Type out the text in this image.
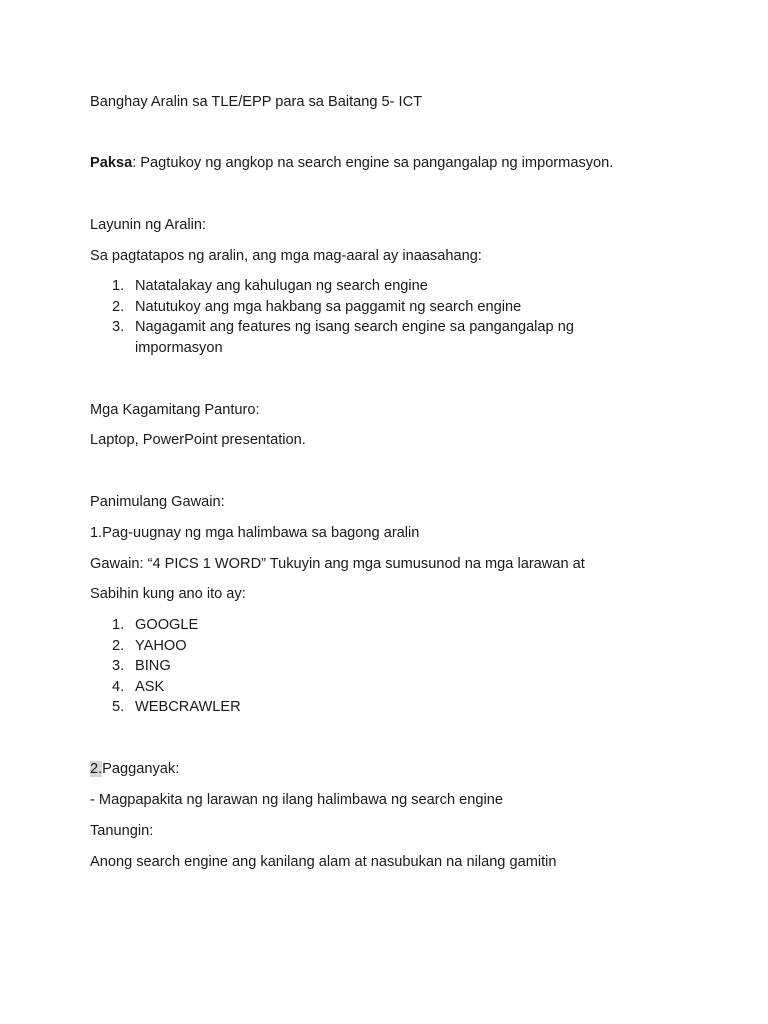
Banghay Aralin sa TLE/EPP para sa Baitang 5- ICT
Paksa: Pagtukoy ng angkop na search engine sa pangangalap ng impormasyon.
Layunin ng Aralin:
Sa pagtatapos ng aralin, ang mga mag-aaral ay inaasahang:
1. Natatalakay ang kahulugan ng search engine
2. Natutukoy ang mga hakbang sa paggamit ng search engine
3. Nagagamit ang features ng isang search engine sa pangangalap ng impormasyon
Mga Kagamitang Panturo:
Laptop, PowerPoint presentation.
Panimulang Gawain:
1.Pag-uugnay ng mga halimbawa sa bagong aralin
Gawain: “4 PICS 1 WORD” Tukuyin ang mga sumusunod na mga larawan at
Sabihin kung ano ito ay:
1. GOOGLE
2. YAHOO
3. BING
4. ASK
5. WEBCRAWLER
2.Pagganyak:
- Magpapakita ng larawan ng ilang halimbawa ng search engine
Tanungin:
Anong search engine ang kanilang alam at nasubukan na nilang gamitin
